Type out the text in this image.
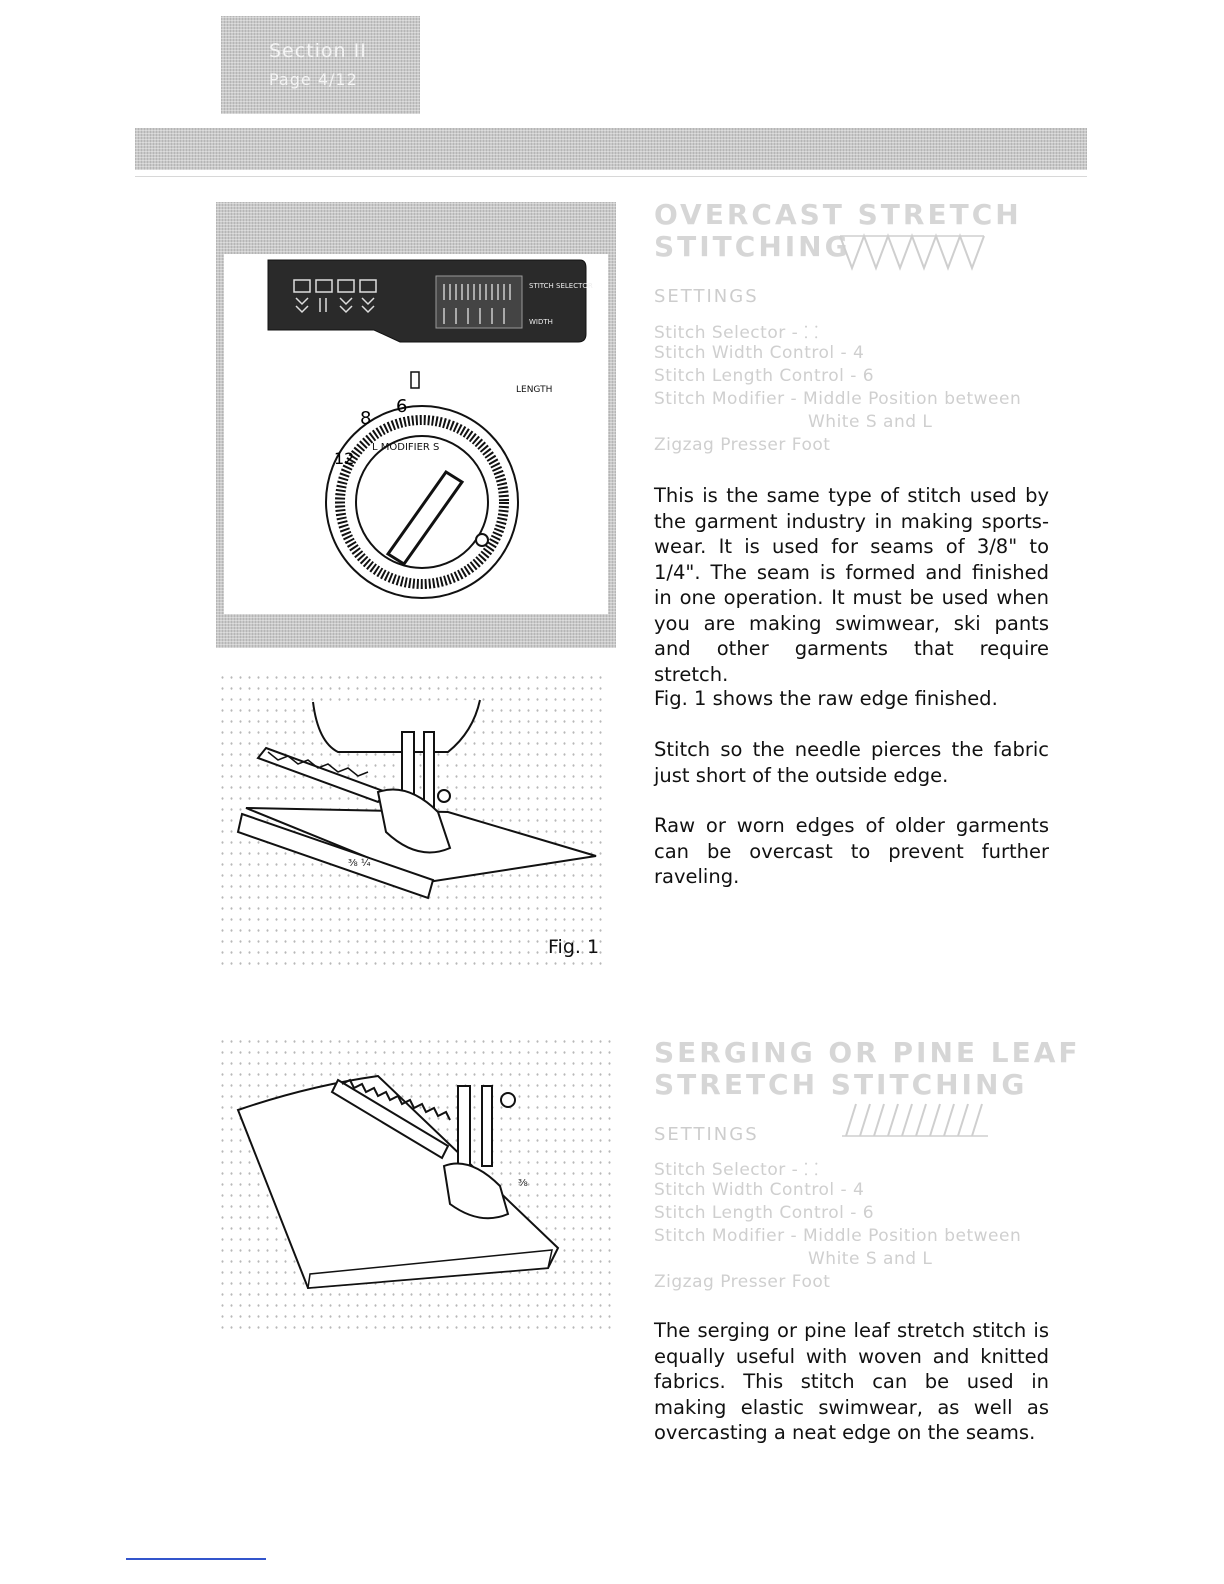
Section II
Page 4/12
STITCH SELECTOR
WIDTH
LENGTH
6
8
12
L MODIFIER S
⅜ ¼
Fig. 1
OVERCAST STRETCH
STITCHING
SETTINGS
Stitch Selector - ⸬
Stitch Width Control - 4
Stitch Length Control - 6
Stitch Modifier - Middle Position between
White S and L
Zigzag Presser Foot
This is the same type of stitch used by the garment industry in making sports-wear. It is used for seams of 3/8" to 1/4". The seam is formed and finished in one operation. It must be used when you are making swimwear, ski pants and other garments that require stretch.
Fig. 1 shows the raw edge finished.
Stitch so the needle pierces the fabric just short of the outside edge.
Raw or worn edges of older garments can be overcast to prevent further raveling.
⅜
SERGING OR PINE LEAF
STRETCH STITCHING
SETTINGS
Stitch Selector - ⸬
Stitch Width Control - 4
Stitch Length Control - 6
Stitch Modifier - Middle Position between
White S and L
Zigzag Presser Foot
The serging or pine leaf stretch stitch is equally useful with woven and knitted fabrics. This stitch can be used in making elastic swimwear, as well as overcasting a neat edge on the seams.
